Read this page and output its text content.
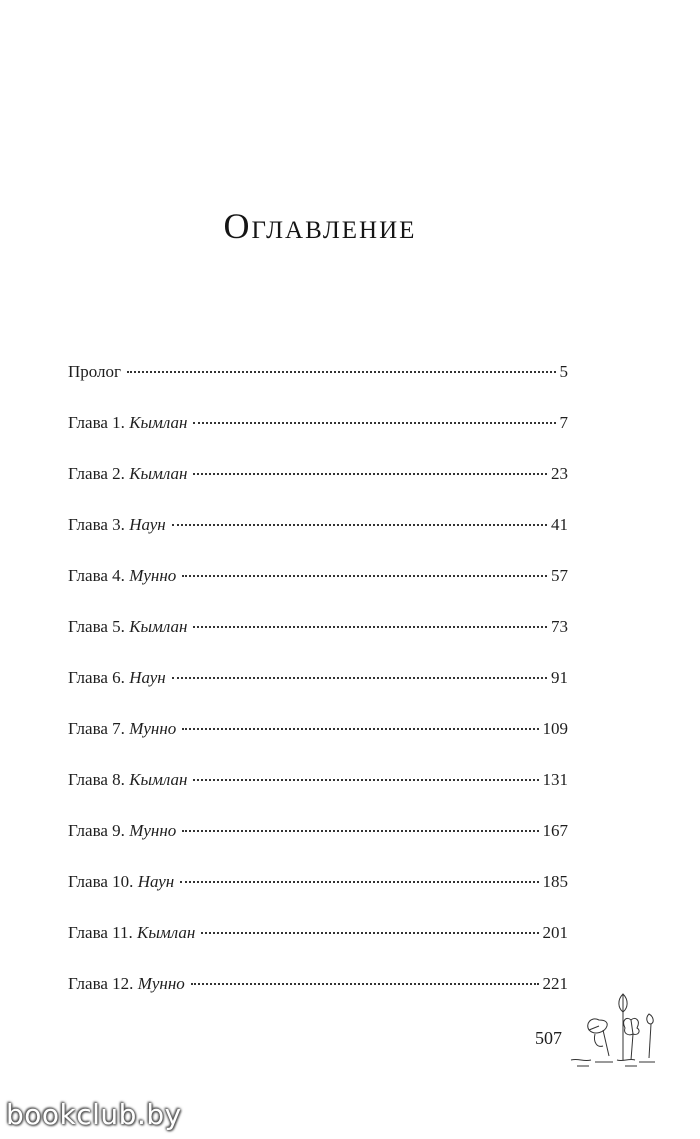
Оглавление
Пролог	5
Глава 1. Кымлан	7
Глава 2. Кымлан	23
Глава 3. Наун	41
Глава 4. Мунно	57
Глава 5. Кымлан	73
Глава 6. Наун	91
Глава 7. Мунно	109
Глава 8. Кымлан	131
Глава 9. Мунно	167
Глава 10. Наун	185
Глава 11. Кымлан	201
Глава 12. Мунно	221
507
bookclub.by
